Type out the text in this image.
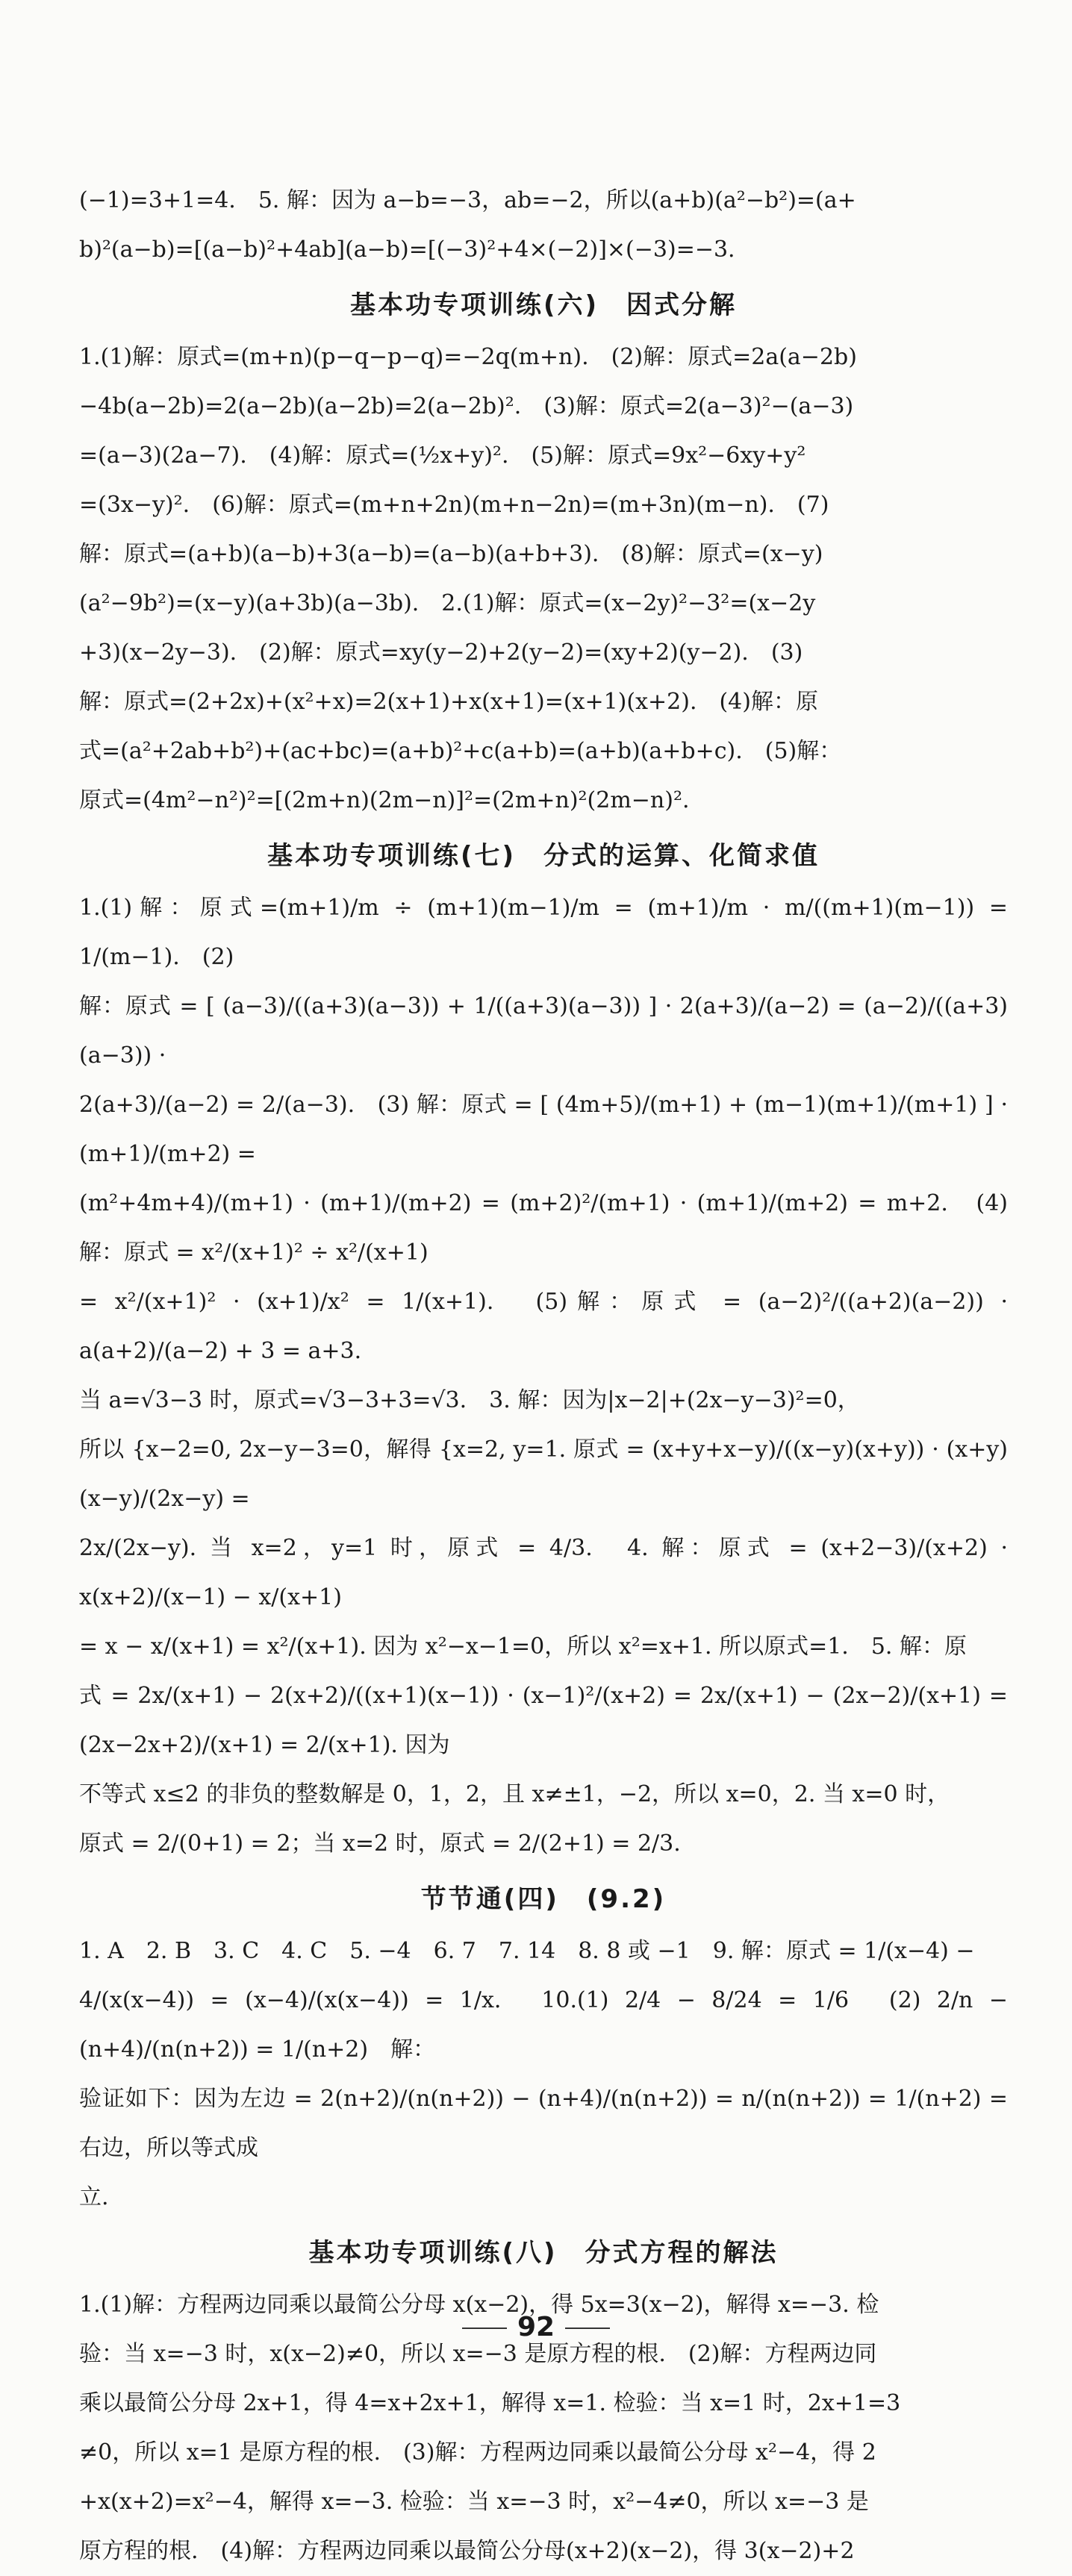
(−1)=3+1=4.　5. 解：因为 a−b=−3，ab=−2，所以(a+b)(a²−b²)=(a+
b)²(a−b)=[(a−b)²+4ab](a−b)=[(−3)²+4×(−2)]×(−3)=−3.
基本功专项训练(六)　因式分解
1.(1)解：原式=(m+n)(p−q−p−q)=−2q(m+n).　(2)解：原式=2a(a−2b)
−4b(a−2b)=2(a−2b)(a−2b)=2(a−2b)².　(3)解：原式=2(a−3)²−(a−3)
=(a−3)(2a−7).　(4)解：原式=(½x+y)².　(5)解：原式=9x²−6xy+y²
=(3x−y)².　(6)解：原式=(m+n+2n)(m+n−2n)=(m+3n)(m−n).　(7)
解：原式=(a+b)(a−b)+3(a−b)=(a−b)(a+b+3).　(8)解：原式=(x−y)
(a²−9b²)=(x−y)(a+3b)(a−3b).　2.(1)解：原式=(x−2y)²−3²=(x−2y
+3)(x−2y−3).　(2)解：原式=xy(y−2)+2(y−2)=(xy+2)(y−2).　(3)
解：原式=(2+2x)+(x²+x)=2(x+1)+x(x+1)=(x+1)(x+2).　(4)解：原
式=(a²+2ab+b²)+(ac+bc)=(a+b)²+c(a+b)=(a+b)(a+b+c).　(5)解：
原式=(4m²−n²)²=[(2m+n)(2m−n)]²=(2m+n)²(2m−n)².
基本功专项训练(七)　分式的运算、化简求值
1.(1)解：原式=(m+1)/m ÷ (m+1)(m−1)/m = (m+1)/m · m/((m+1)(m−1)) = 1/(m−1).　(2)
解：原式 = [ (a−3)/((a+3)(a−3)) + 1/((a+3)(a−3)) ] · 2(a+3)/(a−2) = (a−2)/((a+3)(a−3)) ·
2(a+3)/(a−2) = 2/(a−3).　(3) 解：原式 = [ (4m+5)/(m+1) + (m−1)(m+1)/(m+1) ] · (m+1)/(m+2) =
(m²+4m+4)/(m+1) · (m+1)/(m+2) = (m+2)²/(m+1) · (m+1)/(m+2) = m+2.　(4)解：原式 = x²/(x+1)² ÷ x²/(x+1)
= x²/(x+1)² · (x+1)/x² = 1/(x+1).　(5)解：原式 = (a−2)²/((a+2)(a−2)) · a(a+2)/(a−2) + 3 = a+3.
当 a=√3−3 时，原式=√3−3+3=√3.　3. 解：因为|x−2|+(2x−y−3)²=0，
所以 {x−2=0, 2x−y−3=0，解得 {x=2, y=1. 原式 = (x+y+x−y)/((x−y)(x+y)) · (x+y)(x−y)/(2x−y) =
2x/(2x−y). 当 x=2，y=1 时，原式 = 4/3.　4. 解：原式 = (x+2−3)/(x+2) · x(x+2)/(x−1) − x/(x+1)
= x − x/(x+1) = x²/(x+1). 因为 x²−x−1=0，所以 x²=x+1. 所以原式=1.　5. 解：原
式 = 2x/(x+1) − 2(x+2)/((x+1)(x−1)) · (x−1)²/(x+2) = 2x/(x+1) − (2x−2)/(x+1) = (2x−2x+2)/(x+1) = 2/(x+1). 因为
不等式 x≤2 的非负的整数解是 0，1，2，且 x≠±1，−2，所以 x=0，2. 当 x=0 时，
原式 = 2/(0+1) = 2；当 x=2 时，原式 = 2/(2+1) = 2/3.
节节通(四)　(9.2)
1. A　2. B　3. C　4. C　5. −4　6. 7　7. 14　8. 8 或 −1　9. 解：原式 = 1/(x−4) −
4/(x(x−4)) = (x−4)/(x(x−4)) = 1/x.　10.(1) 2/4 − 8/24 = 1/6　(2) 2/n − (n+4)/(n(n+2)) = 1/(n+2)　解：
验证如下：因为左边 = 2(n+2)/(n(n+2)) − (n+4)/(n(n+2)) = n/(n(n+2)) = 1/(n+2) = 右边，所以等式成
立.
基本功专项训练(八)　分式方程的解法
1.(1)解：方程两边同乘以最简公分母 x(x−2)，得 5x=3(x−2)，解得 x=−3. 检
验：当 x=−3 时，x(x−2)≠0，所以 x=−3 是原方程的根.　(2)解：方程两边同
乘以最简公分母 2x+1，得 4=x+2x+1，解得 x=1. 检验：当 x=1 时，2x+1=3
≠0，所以 x=1 是原方程的根.　(3)解：方程两边同乘以最简公分母 x²−4，得 2
+x(x+2)=x²−4，解得 x=−3. 检验：当 x=−3 时，x²−4≠0，所以 x=−3 是
原方程的根.　(4)解：方程两边同乘以最简公分母(x+2)(x−2)，得 3(x−2)+2
92
